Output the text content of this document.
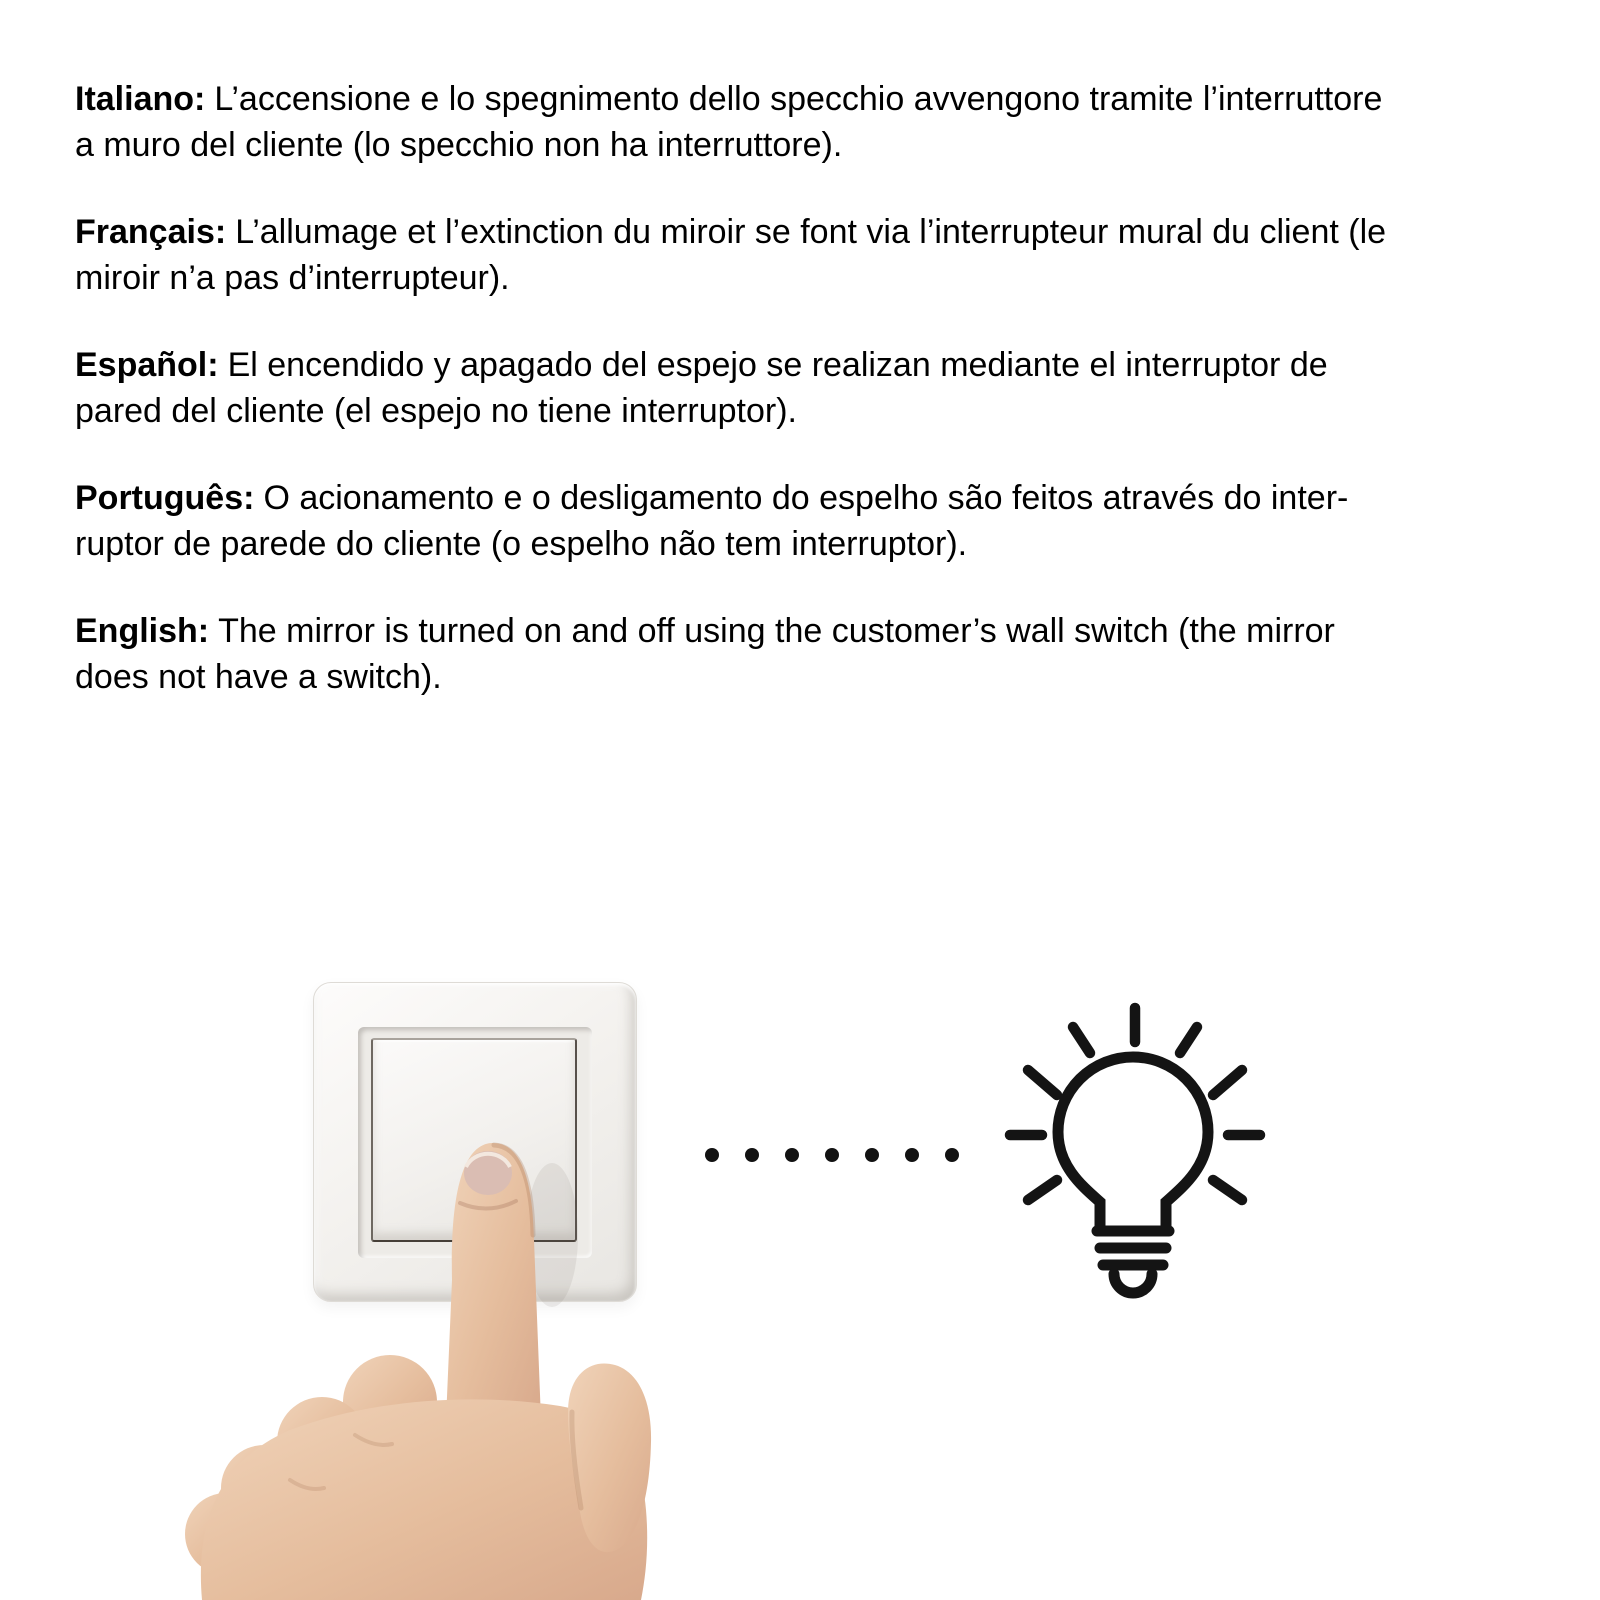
Italiano: L’accensione e lo spegnimento dello specchio avvengono tramite l’interruttore
a muro del cliente (lo specchio non ha interruttore).

Français: L’allumage et l’extinction du miroir se font via l’interrupteur mural du client (le
miroir n’a pas d’interrupteur).

Español: El encendido y apagado del espejo se realizan mediante el interruptor de
pared del cliente (el espejo no tiene interruptor).

Português: O acionamento e o desligamento do espelho são feitos através do inter-
ruptor de parede do cliente (o espelho não tem interruptor).

English: The mirror is turned on and off using the customer’s wall switch (the mirror
does not have a switch).
